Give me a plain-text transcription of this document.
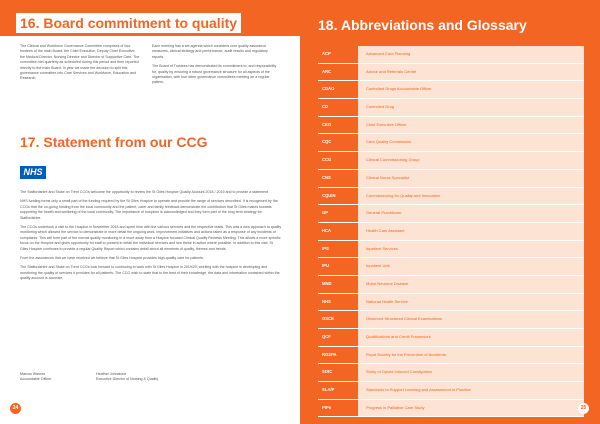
16. Board commitment to quality

The Clinical and Workforce Governance Committee comprises of four trustees of the main Board, the Chief Executive, Deputy Chief Executive, the Medical Director, Nursing Director and Director of Supportive Care. The committee met quarterly as scheduled during this period and then reported directly to the main Board. In year we made the decision to split this governance committee into Care Services and Workforce, Education and Research.

Each meeting has a set agenda which considers core quality assurance measures, clinical strategy and performance, audit results and regulatory reports.

The Board of Trustees has demonstrated its commitment to, and responsibility for, quality by ensuring a robust governance structure for all aspects of the organisation, with four other governance committees meeting on a regular pattern.

17. Statement from our CCG
NHS

The Staffordshire and Stoke on Trent CCGs welcome the opportunity to review the St Giles Hospice Quality Account 2018 / 2019 and to provide a statement.

NHS funding forms only a small part of the funding required by the St Giles Hospice to operate and provide the range of services described. It is recognised by the CCGs that the on-going funding from the local community and the patient, carer and family feedback demonstrate the contribution that St Giles makes towards supporting the health and wellbeing of the local community. The importance of hospices is acknowledged and they form part of the long term strategy for Staffordshire.

The CCGs undertook a visit to the Hospice in November 2018 and spent time with the various services and the respective leads. This was a new approach to quality monitoring which allowed the service to demonstrate in more detail the ongoing work, improvement initiatives and actions taken as a response of any incidents or complaints. This will form part of the normal quality monitoring in a more away from a Hospice focused Clinical Quality Reviews Meeting. This allows a more specific focus on the Hospice and gives opportunity for staff to present in detail the individual services and see these in action where possible. In addition to this visit, St Giles Hospice continues to provide a regular Quality Report which contains detail about all elements of quality, themes and trends.

From the assurances that we have received we believe that St Giles Hospice provides high-quality care for patients.

The Staffordshire and Stoke on Trent CCGs look forward to continuing to work with St Giles Hospice in 2019/20, working with the hospice in developing and monitoring the quality of services it provides for all patients. The CCG wish to state that to the best of their knowledge, the data and information contained within the quality account is accurate.

Marcus Warnes
Accountable Officer
Heather Johnstone
Executive Director of Nursing & Quality
24
18. Abbreviations and Glossary
ACP	Advanced Care Planning
ARC	Advice and Referrals Centre
CDAO	Controlled Drugs Accountable Officer
CD	Controlled Drug
CEO	Chief Executive Officer
CQC	Care Quality Commission
CCG	Clinical Commissioning Group
CNS	Clinical Nurse Specialist
CQUIN	Commissioning for Quality and Innovation
GP	General Practitioner
HCA	Health Care Assistant
IPS	Inpatient Services
IPU	Inpatient Unit
MND	Motor Neurone Disease
NHS	National Health Service
OSCE	Observed Structured Clinical Examinations
QCF	Qualifications and Credit Framework
ROSPA	Royal Society for the Prevention of Accidents
SOIC	Study of Opioid Induced Constipation
SLA/P	Standards to Support Learning and Assessment in Practice
PIPs	Progress in Palliative Care Study	25
